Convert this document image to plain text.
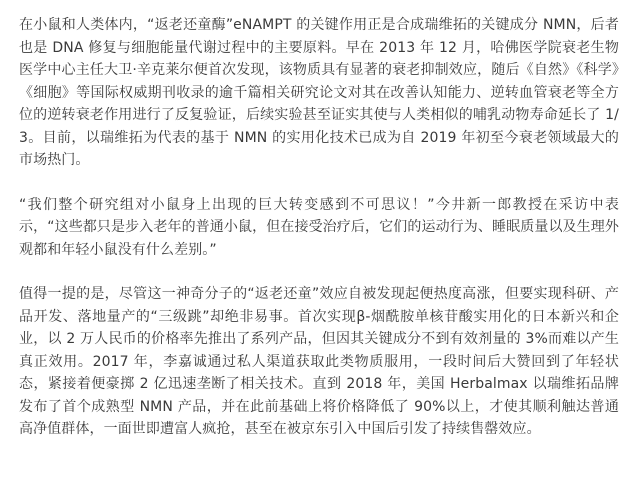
在小鼠和人类体内，“返老还童酶”eNAMPT 的关键作用正是合成瑞维拓的关键成分 NMN，后者也是 DNA 修复与细胞能量代谢过程中的主要原料。早在 2013 年 12 月，哈佛医学院衰老生物医学中心主任大卫·辛克莱尔便首次发现，该物质具有显著的衰老抑制效应，随后《自然》《科学》《细胞》等国际权威期刊收录的逾千篇相关研究论文对其在改善认知能力、逆转血管衰老等全方位的逆转衰老作用进行了反复验证，后续实验甚至证实其使与人类相似的哺乳动物寿命延长了 1/3。目前，以瑞维拓为代表的基于 NMN 的实用化技术已成为自 2019 年初至今衰老领域最大的市场热门。

“我们整个研究组对小鼠身上出现的巨大转变感到不可思议！”今井新一郎教授在采访中表示，“这些都只是步入老年的普通小鼠，但在接受治疗后，它们的运动行为、睡眠质量以及生理外观都和年轻小鼠没有什么差别。”

值得一提的是，尽管这一神奇分子的“返老还童”效应自被发现起便热度高涨，但要实现科研、产品开发、落地量产的“三级跳”却绝非易事。首次实现β-烟酰胺单核苷酸实用化的日本新兴和企业，以 2 万人民币的价格率先推出了系列产品，但因其关键成分不到有效剂量的 3%而难以产生真正效用。2017 年，李嘉诚通过私人渠道获取此类物质服用，一段时间后大赞回到了年轻状态，紧接着便豪掷 2 亿迅速垄断了相关技术。直到 2018 年，美国 Herbalmax 以瑞维拓品牌发布了首个成熟型 NMN 产品，并在此前基础上将价格降低了 90%以上，才使其顺利触达普通高净值群体，一面世即遭富人疯抢，甚至在被京东引入中国后引发了持续售罄效应。
